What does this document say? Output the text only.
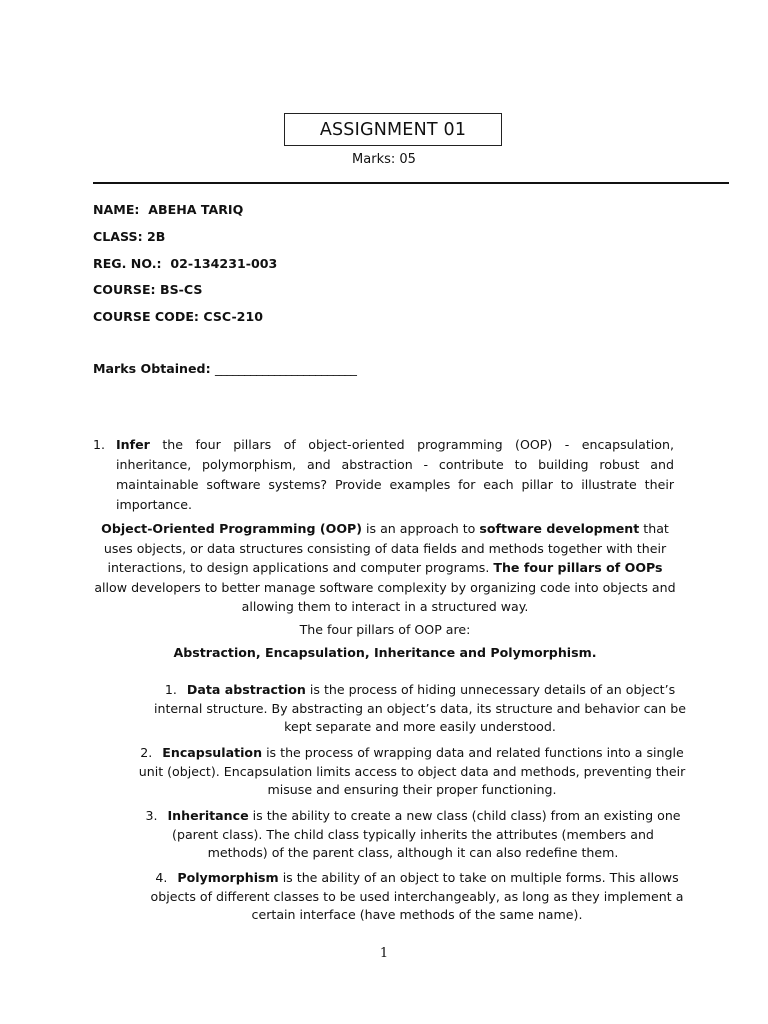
ASSIGNMENT 01
Marks: 05
NAME: ABEHA TARIQ
CLASS: 2B
REG. NO.: 02-134231-003
COURSE: BS-CS
COURSE CODE: CSC-210
Marks Obtained: ________________________
1. Infer the four pillars of object-oriented programming (OOP) - encapsulation, inheritance, polymorphism, and abstraction - contribute to building robust and maintainable software systems? Provide examples for each pillar to illustrate their importance.

Object-Oriented Programming (OOP) is an approach to software development that uses objects, or data structures consisting of data fields and methods together with their interactions, to design applications and computer programs. The four pillars of OOPs allow developers to better manage software complexity by organizing code into objects and allowing them to interact in a structured way.

The four pillars of OOP are:

Abstraction, Encapsulation, Inheritance and Polymorphism.

1. Data abstraction is the process of hiding unnecessary details of an object’s internal structure. By abstracting an object’s data, its structure and behavior can be kept separate and more easily understood.
2. Encapsulation is the process of wrapping data and related functions into a single unit (object). Encapsulation limits access to object data and methods, preventing their misuse and ensuring their proper functioning.
3. Inheritance is the ability to create a new class (child class) from an existing one (parent class). The child class typically inherits the attributes (members and methods) of the parent class, although it can also redefine them.
4. Polymorphism is the ability of an object to take on multiple forms. This allows objects of different classes to be used interchangeably, as long as they implement a certain interface (have methods of the same name).
1
